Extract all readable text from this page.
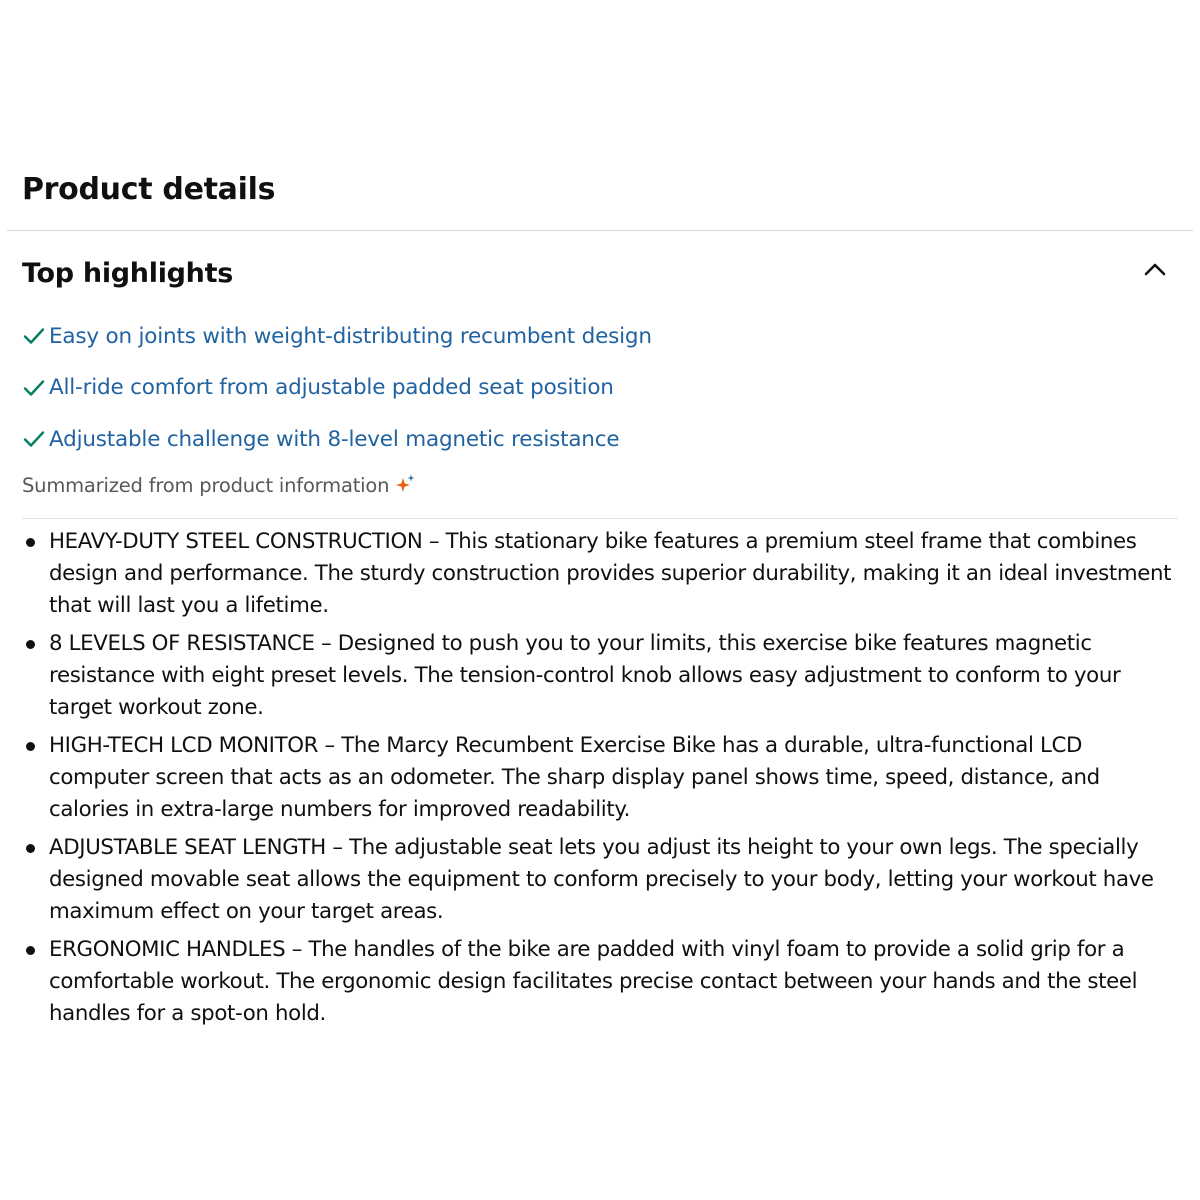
Product details
Top highlights
Easy on joints with weight-distributing recumbent design
All-ride comfort from adjustable padded seat position
Adjustable challenge with 8-level magnetic resistance
Summarized from product information
HEAVY-DUTY STEEL CONSTRUCTION – This stationary bike features a premium steel frame that combines design and performance. The sturdy construction provides superior durability, making it an ideal investment that will last you a lifetime.
8 LEVELS OF RESISTANCE – Designed to push you to your limits, this exercise bike features magnetic resistance with eight preset levels. The tension-control knob allows easy adjustment to conform to your target workout zone.
HIGH-TECH LCD MONITOR – The Marcy Recumbent Exercise Bike has a durable, ultra-functional LCD computer screen that acts as an odometer. The sharp display panel shows time, speed, distance, and calories in extra-large numbers for improved readability.
ADJUSTABLE SEAT LENGTH – The adjustable seat lets you adjust its height to your own legs. The specially designed movable seat allows the equipment to conform precisely to your body, letting your workout have maximum effect on your target areas.
ERGONOMIC HANDLES – The handles of the bike are padded with vinyl foam to provide a solid grip for a comfortable workout. The ergonomic design facilitates precise contact between your hands and the steel handles for a spot-on hold.
